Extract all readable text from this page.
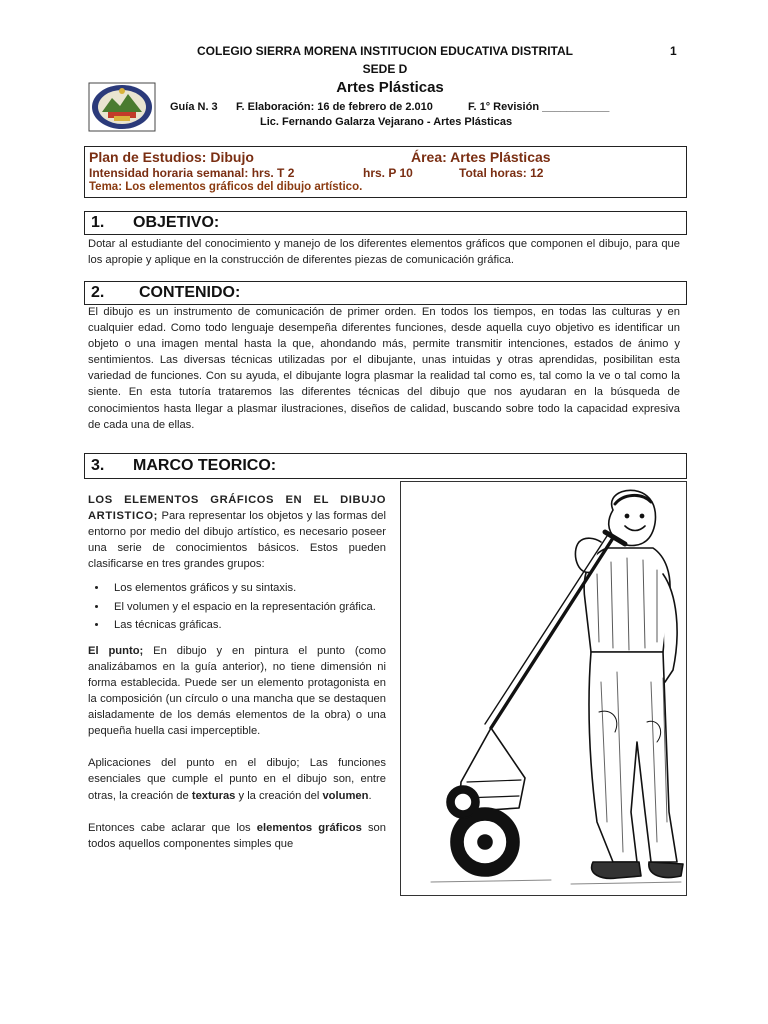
COLEGIO SIERRA MORENA INSTITUCION EDUCATIVA DISTRITAL	1
SEDE D
Artes Plásticas
Guía N. 3 F. Elaboración: 16 de febrero de 2.010	F. 1° Revisión ___________
Lic. Fernando Galarza Vejarano - Artes Plásticas
Plan de Estudios: Dibujo	Área: Artes Plásticas
Intensidad horaria semanal: hrs. T 2	hrs. P 10	Total horas: 12
Tema: Los elementos gráficos del dibujo artístico.
1. OBJETIVO:
Dotar al estudiante del conocimiento y manejo de los diferentes elementos gráficos que componen el dibujo, para que los apropie y aplique en la construcción de diferentes piezas de comunicación gráfica.
2. CONTENIDO:
El dibujo es un instrumento de comunicación de primer orden. En todos los tiempos, en todas las culturas y en cualquier edad. Como todo lenguaje desempeña diferentes funciones, desde aquella cuyo objetivo es identificar un objeto o una imagen mental hasta la que, ahondando más, permite transmitir intenciones, estados de ánimo y sentimientos. Las diversas técnicas utilizadas por el dibujante, unas intuidas y otras aprendidas, posibilitan esta variedad de funciones. Con su ayuda, el dibujante logra plasmar la realidad tal como es, tal como la ve o tal como la siente. En esta tutoría trataremos las diferentes técnicas del dibujo que nos ayudaran en la búsqueda de conocimientos hasta llegar a plasmar ilustraciones, diseños de calidad, buscando sobre todo la capacidad expresiva de cada una de ellas.
3. MARCO TEORICO:

LOS ELEMENTOS GRÁFICOS EN EL DIBUJO ARTISTICO; Para representar los objetos y las formas del entorno por medio del dibujo artístico, es necesario poseer una serie de conocimientos básicos. Estos pueden clasificarse en tres grandes grupos:

• Los elementos gráficos y su sintaxis.
• El volumen y el espacio en la representación gráfica.
• Las técnicas gráficas.

El punto; En dibujo y en pintura el punto (como analizábamos en la guía anterior), no tiene dimensión ni forma establecida. Puede ser un elemento protagonista en la composición (un círculo o una mancha que se destaquen aisladamente de los demás elementos de la obra) o una pequeña huella casi imperceptible.

Aplicaciones del punto en el dibujo; Las funciones esenciales que cumple el punto en el dibujo son, entre otras, la creación de texturas y la creación del volumen.

Entonces cabe aclarar que los elementos gráficos son todos aquellos componentes simples que
